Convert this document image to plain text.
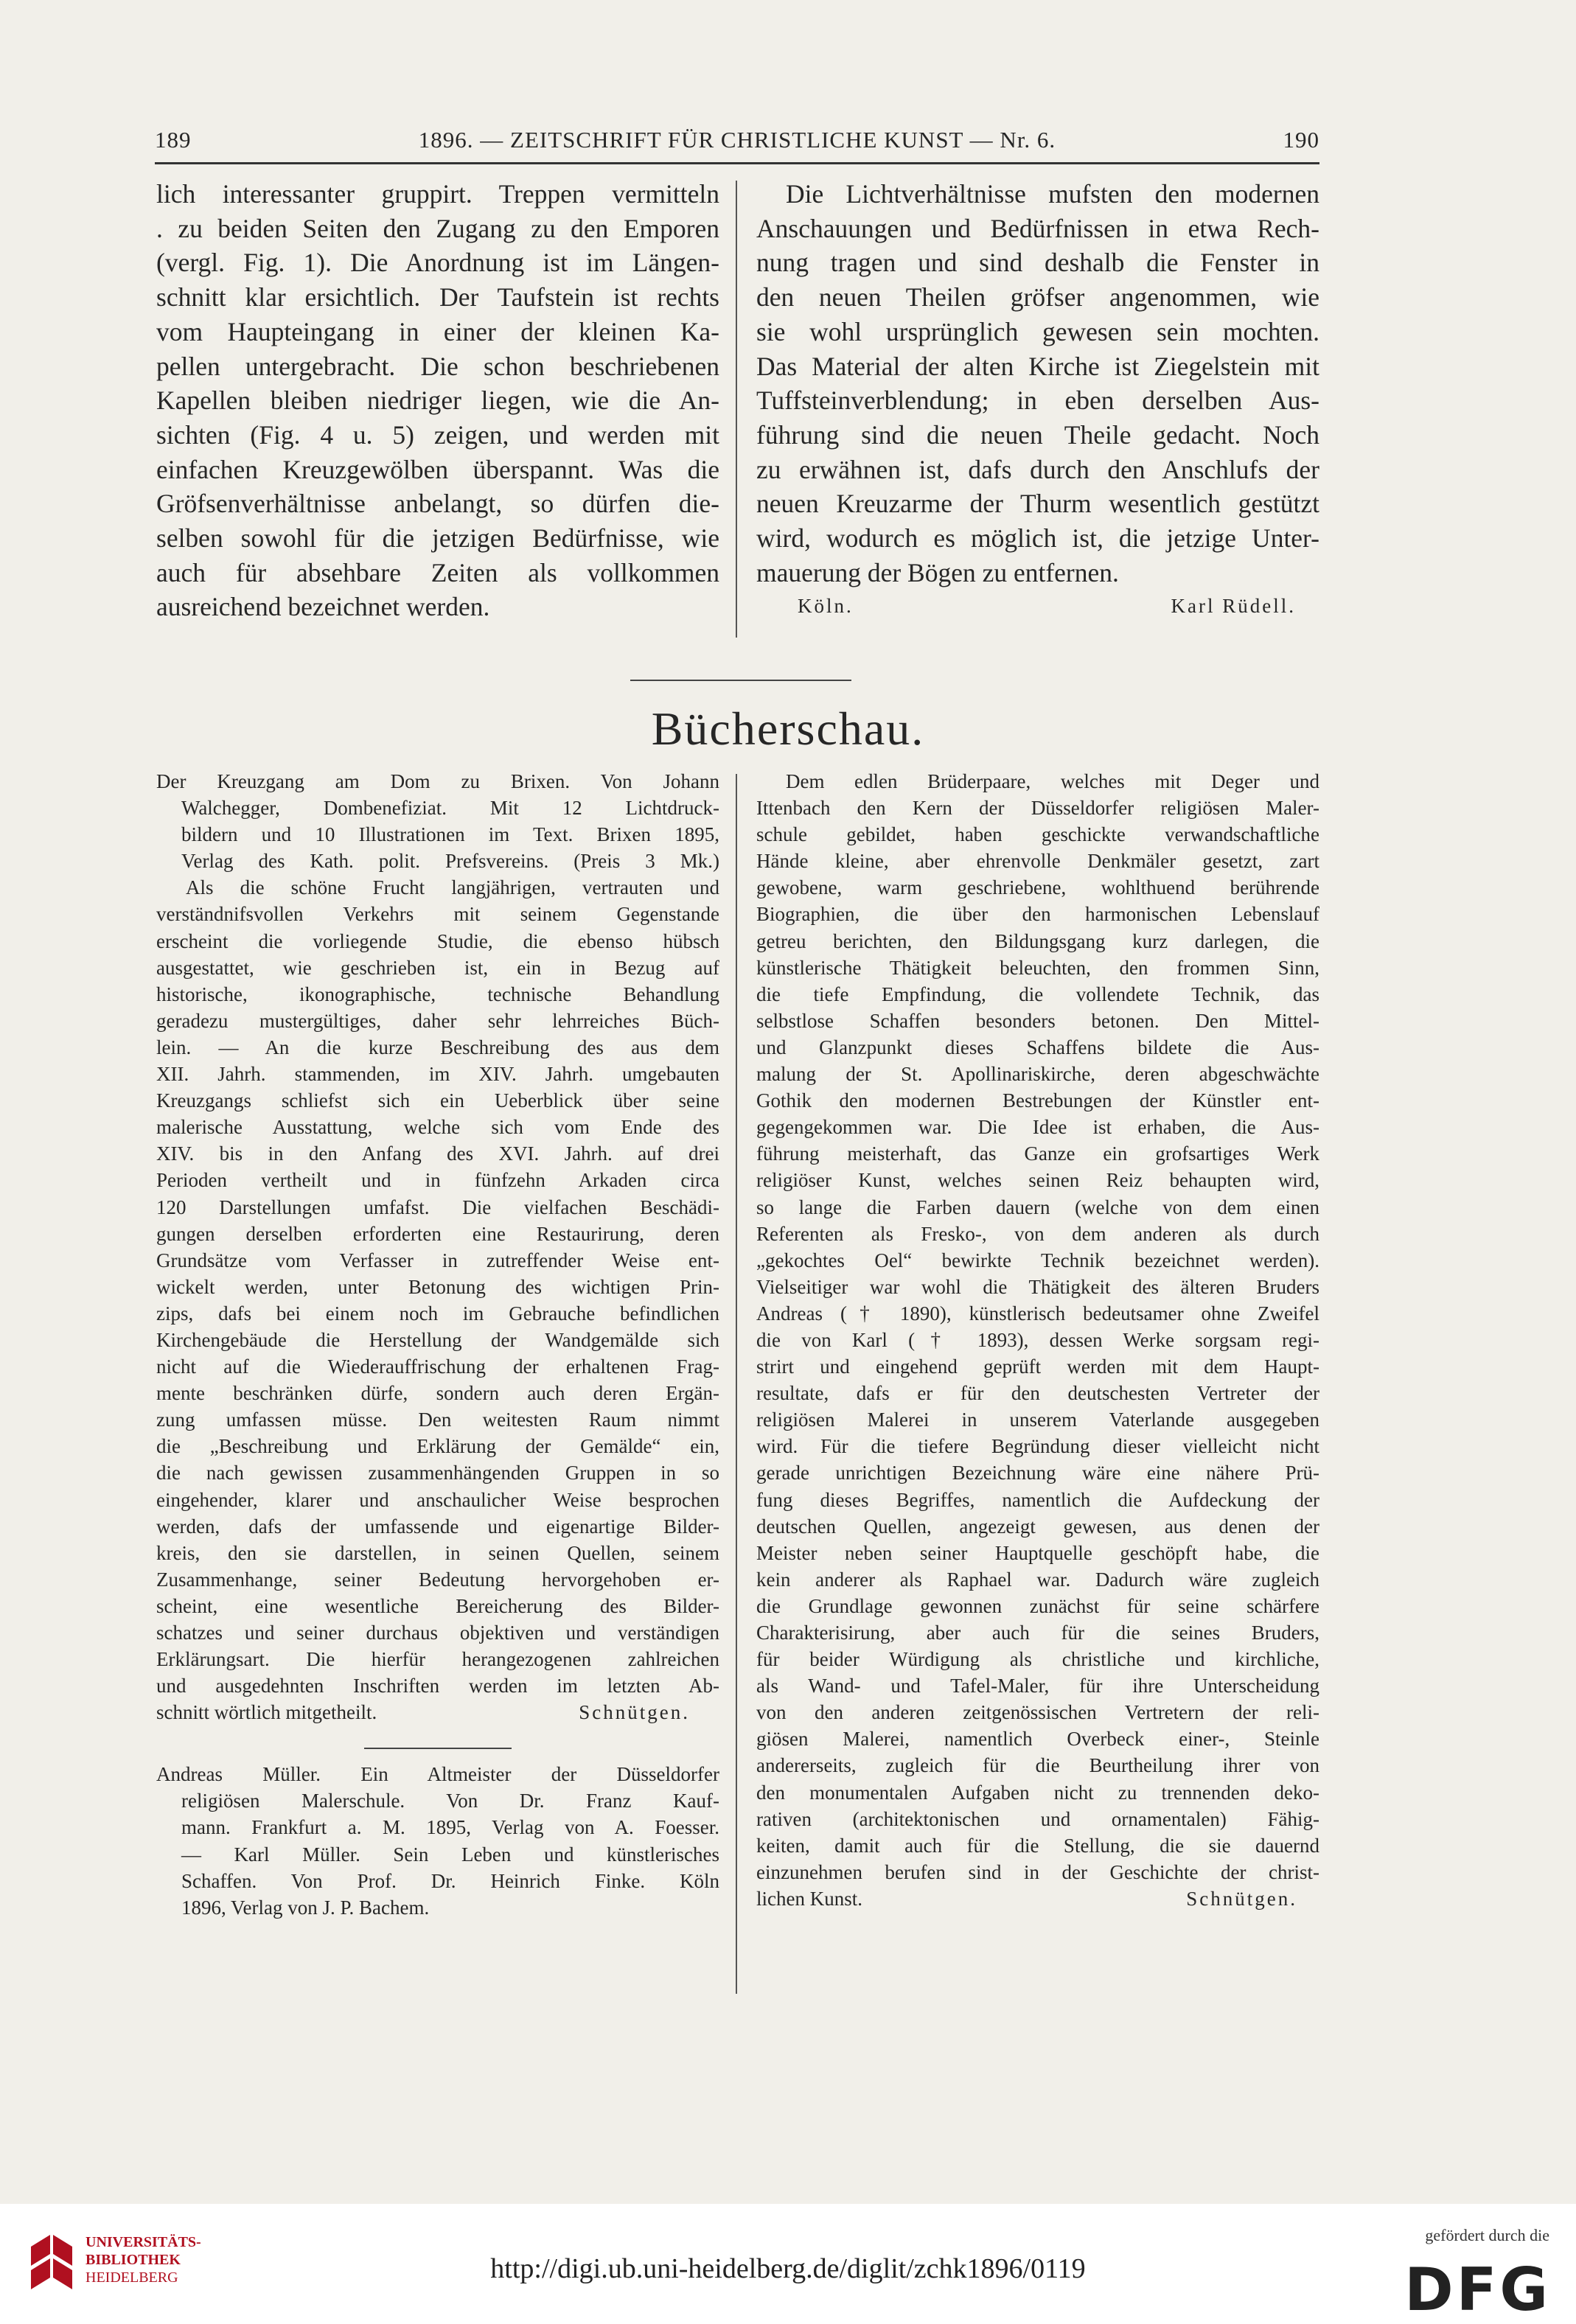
189	1896. — ZEITSCHRIFT FÜR CHRISTLICHE KUNST — Nr. 6.	190

lich interessanter gruppirt. Treppen vermitteln

. zu beiden Seiten den Zugang zu den Emporen

(vergl. Fig. 1). Die Anordnung ist im Längen-

schnitt klar ersichtlich. Der Taufstein ist rechts

vom Haupteingang in einer der kleinen Ka-

pellen untergebracht. Die schon beschriebenen

Kapellen bleiben niedriger liegen, wie die An-

sichten (Fig. 4 u. 5) zeigen, und werden mit

einfachen Kreuzgewölben überspannt. Was die

Gröfsenverhältnisse anbelangt, so dürfen die-

selben sowohl für die jetzigen Bedürfnisse, wie

auch für absehbare Zeiten als vollkommen

ausreichend bezeichnet werden.

Die Lichtverhältnisse mufsten den modernen

Anschauungen und Bedürfnissen in etwa Rech-

nung tragen und sind deshalb die Fenster in

den neuen Theilen gröfser angenommen, wie

sie wohl ursprünglich gewesen sein mochten.

Das Material der alten Kirche ist Ziegelstein mit

Tuffsteinverblendung; in eben derselben Aus-

führung sind die neuen Theile gedacht. Noch

zu erwähnen ist, dafs durch den Anschlufs der

neuen Kreuzarme der Thurm wesentlich gestützt

wird, wodurch es möglich ist, die jetzige Unter-

mauerung der Bögen zu entfernen.

Köln.	Karl Rüdell.
Bücherschau.

Der Kreuzgang am Dom zu Brixen. Von Johann

Walchegger, Dombenefiziat. Mit 12 Lichtdruck-

bildern und 10 Illustrationen im Text. Brixen 1895,

Verlag des Kath. polit. Prefsvereins. (Preis 3 Mk.)

Als die schöne Frucht langjährigen, vertrauten und

verständnifsvollen Verkehrs mit seinem Gegenstande

erscheint die vorliegende Studie, die ebenso hübsch

ausgestattet, wie geschrieben ist, ein in Bezug auf

historische, ikonographische, technische Behandlung

geradezu mustergültiges, daher sehr lehrreiches Büch-

lein. — An die kurze Beschreibung des aus dem

XII. Jahrh. stammenden, im XIV. Jahrh. umgebauten

Kreuzgangs schliefst sich ein Ueberblick über seine

malerische Ausstattung, welche sich vom Ende des

XIV. bis in den Anfang des XVI. Jahrh. auf drei

Perioden vertheilt und in fünfzehn Arkaden circa

120 Darstellungen umfafst. Die vielfachen Beschädi-

gungen derselben erforderten eine Restaurirung, deren

Grundsätze vom Verfasser in zutreffender Weise ent-

wickelt werden, unter Betonung des wichtigen Prin-

zips, dafs bei einem noch im Gebrauche befindlichen

Kirchengebäude die Herstellung der Wandgemälde sich

nicht auf die Wiederauffrischung der erhaltenen Frag-

mente beschränken dürfe, sondern auch deren Ergän-

zung umfassen müsse. Den weitesten Raum nimmt

die „Beschreibung und Erklärung der Gemälde“ ein,

die nach gewissen zusammenhängenden Gruppen in so

eingehender, klarer und anschaulicher Weise besprochen

werden, dafs der umfassende und eigenartige Bilder-

kreis, den sie darstellen, in seinen Quellen, seinem

Zusammenhange, seiner Bedeutung hervorgehoben er-

scheint, eine wesentliche Bereicherung des Bilder-

schatzes und seiner durchaus objektiven und verständigen

Erklärungsart. Die hierfür herangezogenen zahlreichen

und ausgedehnten Inschriften werden im letzten Ab-

schnitt wörtlich mitgetheilt.	Schnütgen.

Andreas Müller. Ein Altmeister der Düsseldorfer

religiösen Malerschule. Von Dr. Franz Kauf-

mann. Frankfurt a. M. 1895, Verlag von A. Foesser.

— Karl Müller. Sein Leben und künstlerisches

Schaffen. Von Prof. Dr. Heinrich Finke. Köln

1896, Verlag von J. P. Bachem.

Dem edlen Brüderpaare, welches mit Deger und

Ittenbach den Kern der Düsseldorfer religiösen Maler-

schule gebildet, haben geschickte verwandschaftliche

Hände kleine, aber ehrenvolle Denkmäler gesetzt, zart

gewobene, warm geschriebene, wohlthuend berührende

Biographien, die über den harmonischen Lebenslauf

getreu berichten, den Bildungsgang kurz darlegen, die

künstlerische Thätigkeit beleuchten, den frommen Sinn,

die tiefe Empfindung, die vollendete Technik, das

selbstlose Schaffen besonders betonen. Den Mittel-

und Glanzpunkt dieses Schaffens bildete die Aus-

malung der St. Apollinariskirche, deren abgeschwächte

Gothik den modernen Bestrebungen der Künstler ent-

gegengekommen war. Die Idee ist erhaben, die Aus-

führung meisterhaft, das Ganze ein grofsartiges Werk

religiöser Kunst, welches seinen Reiz behaupten wird,

so lange die Farben dauern (welche von dem einen

Referenten als Fresko-, von dem anderen als durch

„gekochtes Oel“ bewirkte Technik bezeichnet werden).

Vielseitiger war wohl die Thätigkeit des älteren Bruders

Andreas († 1890), künstlerisch bedeutsamer ohne Zweifel

die von Karl († 1893), dessen Werke sorgsam regi-

strirt und eingehend geprüft werden mit dem Haupt-

resultate, dafs er für den deutschesten Vertreter der

religiösen Malerei in unserem Vaterlande ausgegeben

wird. Für die tiefere Begründung dieser vielleicht nicht

gerade unrichtigen Bezeichnung wäre eine nähere Prü-

fung dieses Begriffes, namentlich die Aufdeckung der

deutschen Quellen, angezeigt gewesen, aus denen der

Meister neben seiner Hauptquelle geschöpft habe, die

kein anderer als Raphael war. Dadurch wäre zugleich

die Grundlage gewonnen zunächst für seine schärfere

Charakterisirung, aber auch für die seines Bruders,

für beider Würdigung als christliche und kirchliche,

als Wand- und Tafel-Maler, für ihre Unterscheidung

von den anderen zeitgenössischen Vertretern der reli-

giösen Malerei, namentlich Overbeck einer-, Steinle

andererseits, zugleich für die Beurtheilung ihrer von

den monumentalen Aufgaben nicht zu trennenden deko-

rativen (architektonischen und ornamentalen) Fähig-

keiten, damit auch für die Stellung, die sie dauernd

einzunehmen berufen sind in der Geschichte der christ-

lichen Kunst.	Schnütgen.
UNIVERSITÄTS-
BIBLIOTHEK
HEIDELBERG	http://digi.ub.uni-heidelberg.de/diglit/zchk1896/0119
gefördert durch die
DFG
